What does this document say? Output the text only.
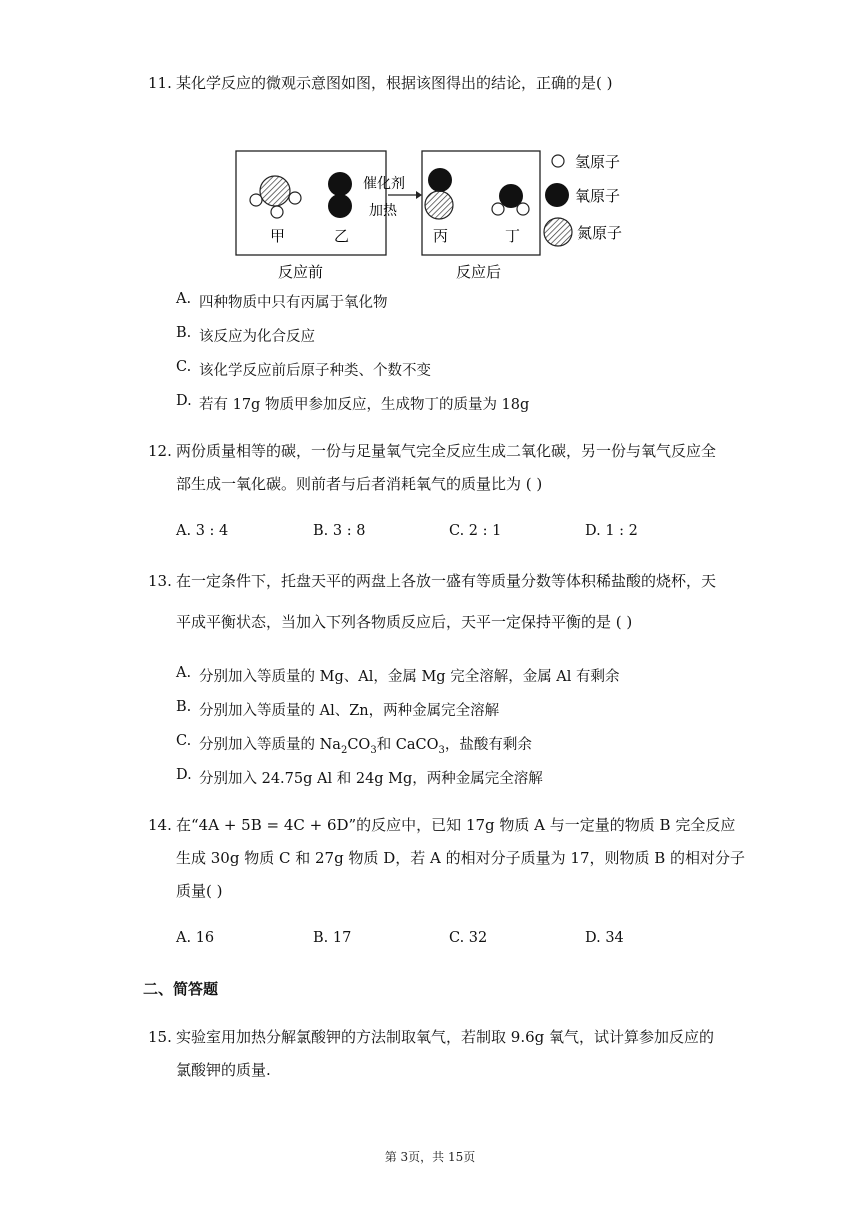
11. 某化学反应的微观示意图如图，根据该图得出的结论，正确的是( )
甲	乙
反应前
催化剂
加热
丙	丁
反应后
氢原子
氧原子
氮原子
A. 四种物质中只有丙属于氧化物
B. 该反应为化合反应
C. 该化学反应前后原子种类、个数不变
D. 若有 17g 物质甲参加反应，生成物丁的质量为 18g
12. 两份质量相等的碳，一份与足量氧气完全反应生成二氧化碳，另一份与氧气反应全
部生成一氧化碳。则前者与后者消耗氧气的质量比为 ( )
A. 3 : 4	B. 3 : 8	C. 2 : 1	D. 1 : 2
13. 在一定条件下，托盘天平的两盘上各放一盛有等质量分数等体积稀盐酸的烧杯，天
平成平衡状态，当加入下列各物质反应后，天平一定保持平衡的是 ( )
A. 分别加入等质量的 Mg、Al，金属 Mg 完全溶解，金属 Al 有剩余
B. 分别加入等质量的 Al、Zn，两种金属完全溶解
C. 分别加入等质量的 $Na_2CO_3$和 CaCO$_3$，盐酸有剩余
D. 分别加入 24.75g Al 和 24g Mg，两种金属完全溶解
14. 在“4A + 5B = 4C + 6D”的反应中，已知 17g 物质 A 与一定量的物质 B 完全反应
生成 30g 物质 C 和 27g 物质 D，若 A 的相对分子质量为 17，则物质 B 的相对分子
质量( )
A. 16	B. 17	C. 32	D. 34
二、简答题
15. 实验室用加热分解氯酸钾的方法制取氧气，若制取 9.6g 氧气，试计算参加反应的
氯酸钾的质量.
第 3页，共 15页
